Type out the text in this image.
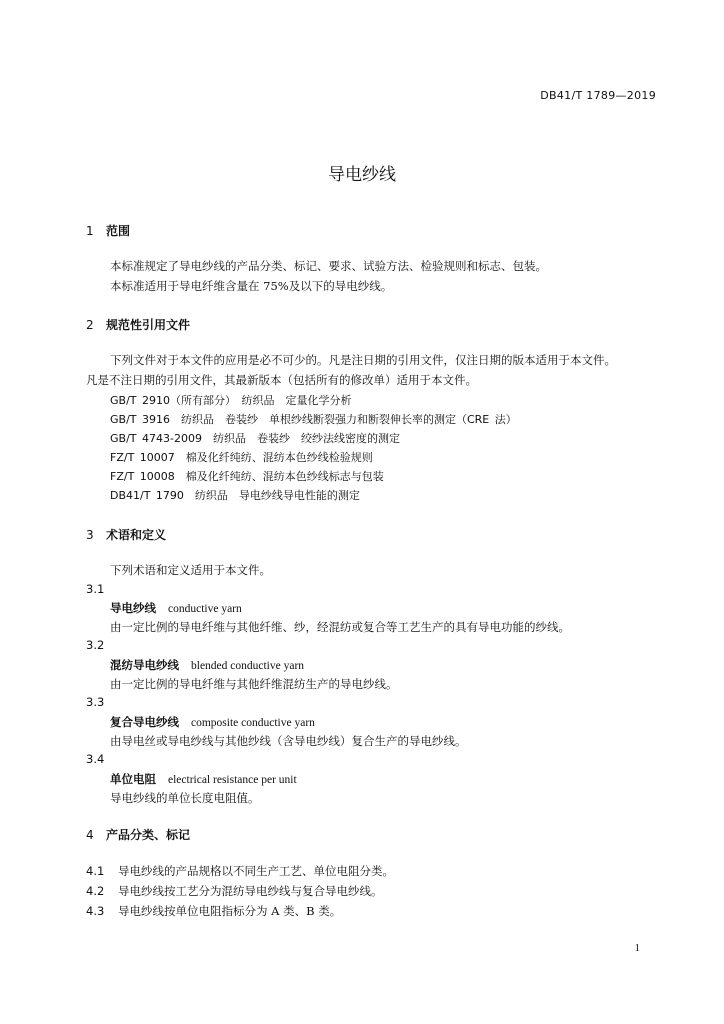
DB41/T 1789—2019
导电纱线
1 范围
本标准规定了导电纱线的产品分类、标记、要求、试验方法、检验规则和标志、包装。
本标准适用于导电纤维含量在 75%及以下的导电纱线。
2 规范性引用文件
下列文件对于本文件的应用是必不可少的。凡是注日期的引用文件，仅注日期的版本适用于本文件。
凡是不注日期的引用文件，其最新版本（包括所有的修改单）适用于本文件。
GB/T 2910（所有部分）　纺织品　定量化学分析
GB/T 3916　纺织品　卷装纱　单根纱线断裂强力和断裂伸长率的测定（CRE 法）
GB/T 4743-2009　纺织品　卷装纱　绞纱法线密度的测定
FZ/T 10007　棉及化纤纯纺、混纺本色纱线检验规则
FZ/T 10008　棉及化纤纯纺、混纺本色纱线标志与包装
DB41/T 1790　纺织品　导电纱线导电性能的测定
3 术语和定义
下列术语和定义适用于本文件。
3.1
导电纱线 conductive yarn
由一定比例的导电纤维与其他纤维、纱，经混纺或复合等工艺生产的具有导电功能的纱线。
3.2
混纺导电纱线 blended conductive yarn
由一定比例的导电纤维与其他纤维混纺生产的导电纱线。
3.3
复合导电纱线 composite conductive yarn
由导电丝或导电纱线与其他纱线（含导电纱线）复合生产的导电纱线。
3.4
单位电阻 electrical resistance per unit
导电纱线的单位长度电阻值。
4 产品分类、标记
4.1 导电纱线的产品规格以不同生产工艺、单位电阻分类。
4.2 导电纱线按工艺分为混纺导电纱线与复合导电纱线。
4.3 导电纱线按单位电阻指标分为 A 类、B 类。
1
